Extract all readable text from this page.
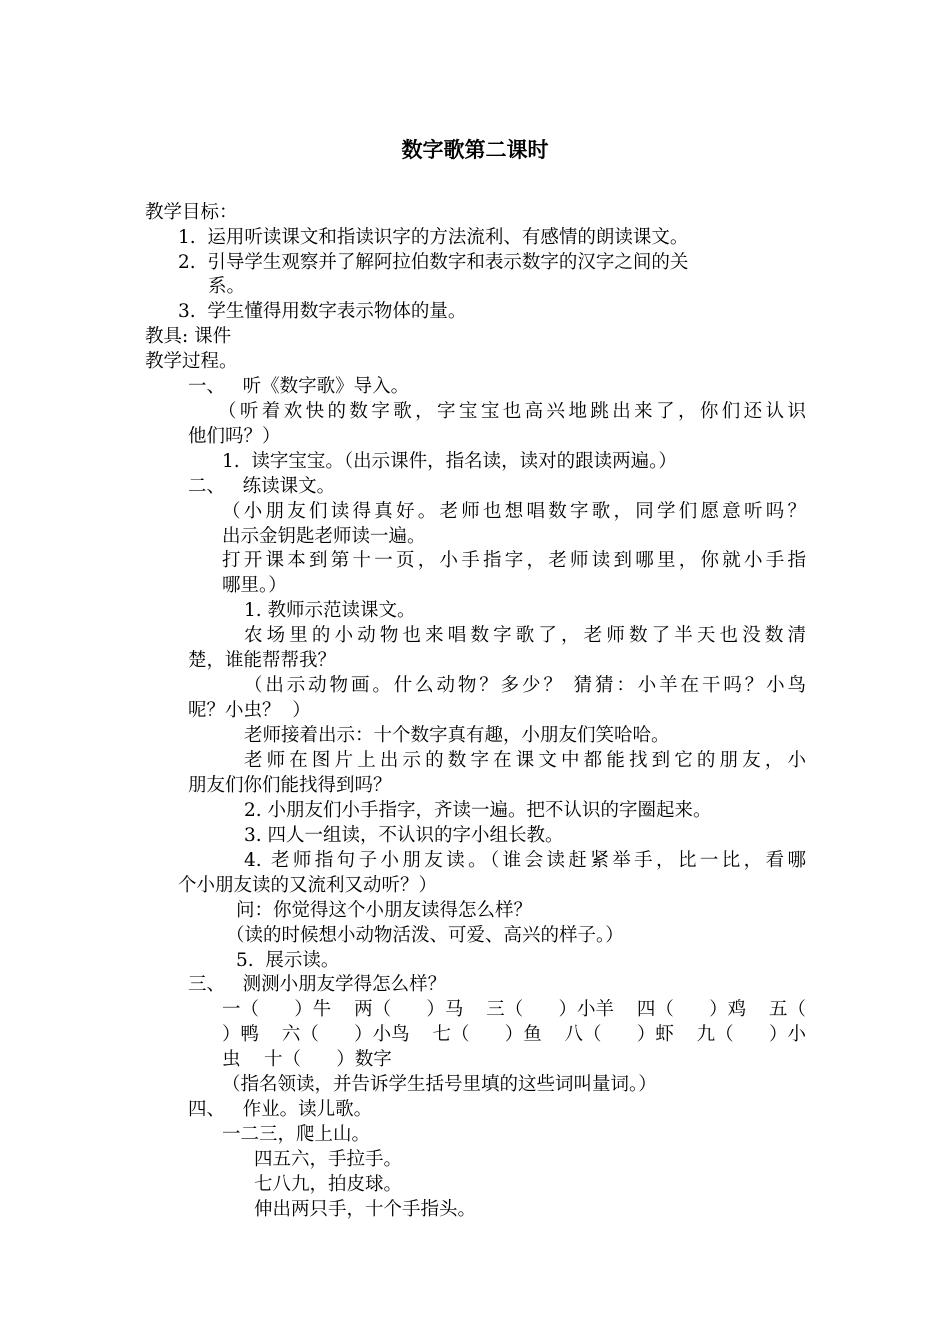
数字歌第二课时
教学目标：
1.  运用听读课文和指读识字的方法流利、有感情的朗读课文。
2.  引导学生观察并了解阿拉伯数字和表示数字的汉字之间的关
系。
3.  学生懂得用数字表示物体的量。
教具: 课件
教学过程。
一、   听《数字歌》导入。
（听着欢快的数字歌，字宝宝也高兴地跳出来了，你们还认识
他们吗？）
1.  读字宝宝。（出示课件，指名读，读对的跟读两遍。）
二、   练读课文。
（小朋友们读得真好。老师也想唱数字歌，同学们愿意听吗？
出示金钥匙老师读一遍。
打开课本到第十一页，小手指字，老师读到哪里，你就小手指
哪里。）
1. 教师示范读课文。
农场里的小动物也来唱数字歌了，老师数了半天也没数清
楚，谁能帮帮我？
（出示动物画。什么动物？多少？ 猜猜：小羊在干吗？小鸟
呢？小虫？  ）
老师接着出示：十个数字真有趣，小朋友们笑哈哈。
老师在图片上出示的数字在课文中都能找到它的朋友，小
朋友们你们能找得到吗？
2. 小朋友们小手指字，齐读一遍。把不认识的字圈起来。
3. 四人一组读，不认识的字小组长教。
4. 老师指句子小朋友读。（谁会读赶紧举手，比一比，看哪
个小朋友读的又流利又动听？）
问：你觉得这个小朋友读得怎么样？
（读的时候想小动物活泼、可爱、高兴的样子。）
5.  展示读。
三、   测测小朋友学得怎么样？
一（      ）牛 两（      ）马 三（      ）小羊 四（      ）鸡 五（
）鸭 六（      ）小鸟 七（      ）鱼 八（      ）虾 九（      ）小
虫    十（      ）数字
（指名领读，并告诉学生括号里填的这些词叫量词。）
四、   作业。读儿歌。
一二三，爬上山。
四五六，手拉手。
七八九，拍皮球。
伸出两只手，十个手指头。
